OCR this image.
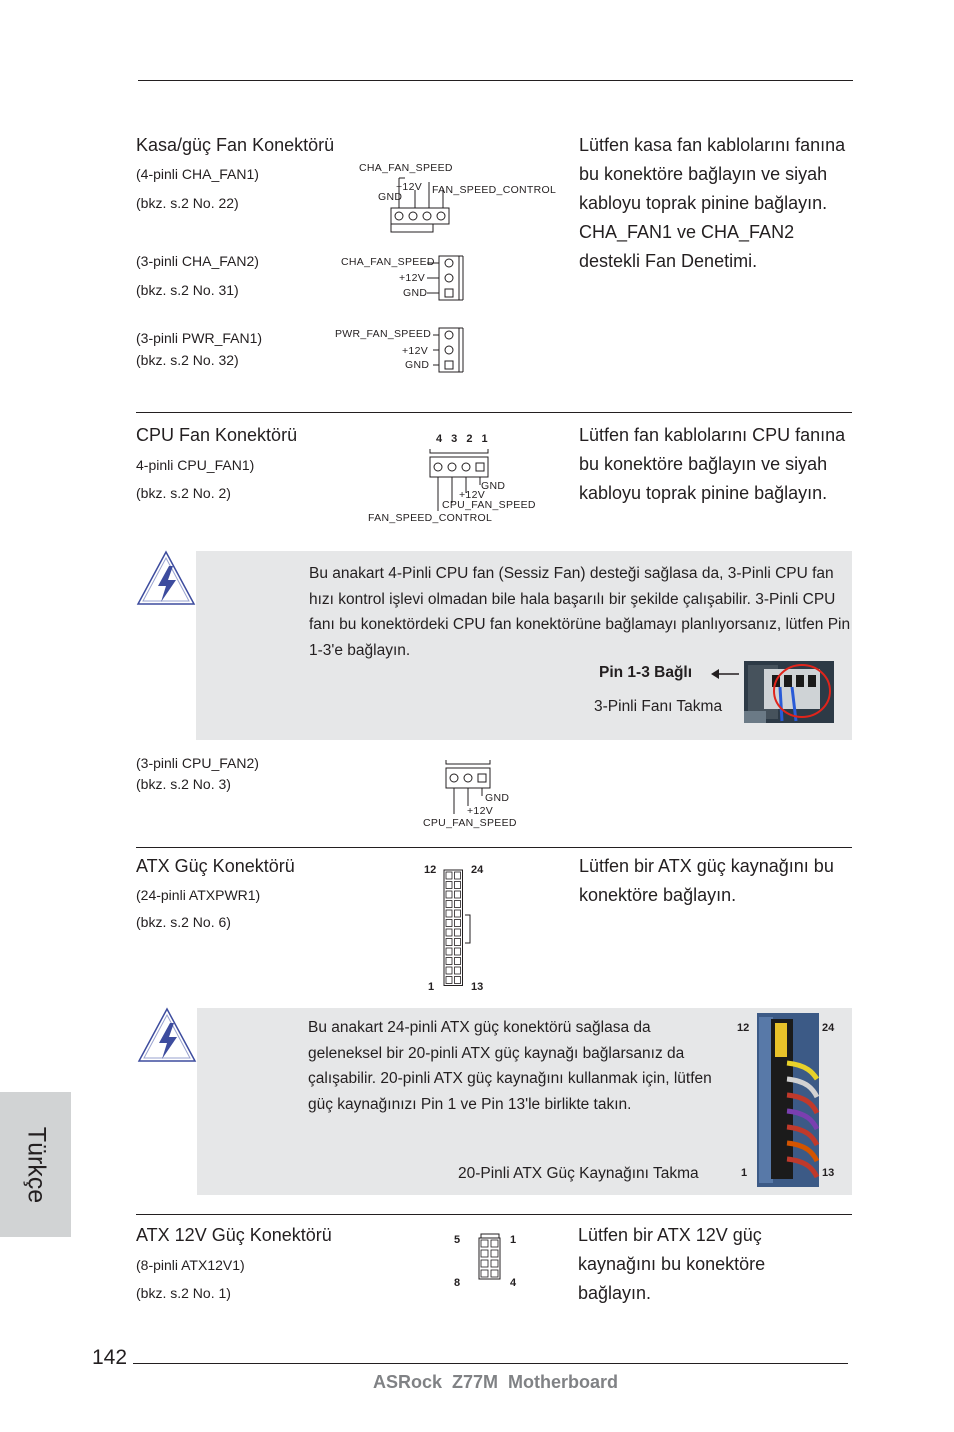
Kasa/güç Fan Konektörü
(4-pinli CHA_FAN1)
(bkz. s.2 No. 22)
(3-pinli CHA_FAN2)
(bkz. s.2 No. 31)
(3-pinli PWR_FAN1)
(bkz. s.2 No. 32)
Lütfen kasa fan kablolarını fanına bu konektöre bağlayın ve siyah kabloyu toprak pinine bağlayın. CHA_FAN1 ve CHA_FAN2 destekli Fan Denetimi.
CHA_FAN_SPEED
+12V
GND
FAN_SPEED_CONTROL
CHA_FAN_SPEED
+12V
GND
PWR_FAN_SPEED
+12V
GND
CPU Fan Konektörü
4-pinli CPU_FAN1)
(bkz. s.2 No. 2)
Lütfen fan kablolarını CPU fanına bu konektöre bağlayın ve siyah kabloyu toprak pinine bağlayın.
4 3 2 1
GND
+12V
CPU_FAN_SPEED
FAN_SPEED_CONTROL
Bu anakart 4-Pinli CPU fan (Sessiz Fan) desteği sağlasa da, 3-Pinli CPU fan hızı kontrol işlevi olmadan bile hala başarılı bir şekilde çalışabilir. 3-Pinli CPU fanı bu konektördeki CPU fan konektörüne bağlamayı planlıyorsanız, lütfen Pin 1-3'e bağlayın.
Pin 1-3 Bağlı
3-Pinli Fanı Takma
(3-pinli CPU_FAN2)
(bkz. s.2 No. 3)
GND
+12V
CPU_FAN_SPEED
ATX Güç Konektörü
(24-pinli ATXPWR1)
(bkz. s.2 No. 6)
Lütfen bir ATX güç kaynağını bu konektöre bağlayın.
12	24
1	13
Bu anakart 24-pinli ATX güç konektörü sağlasa da geleneksel bir 20-pinli ATX güç kaynağı bağlarsanız da çalışabilir. 20-pinli ATX güç kaynağını kullanmak için, lütfen güç kaynağınızı Pin 1 ve Pin 13'le birlikte takın.
20-Pinli ATX Güç Kaynağını Takma
12	24
1	13
ATX 12V Güç Konektörü
(8-pinli ATX12V1)
(bkz. s.2 No. 1)
Lütfen bir ATX 12V güç kaynağını bu konektöre bağlayın.
5	1
8	4
142
ASRock  Z77M  Motherboard
Türkçe
